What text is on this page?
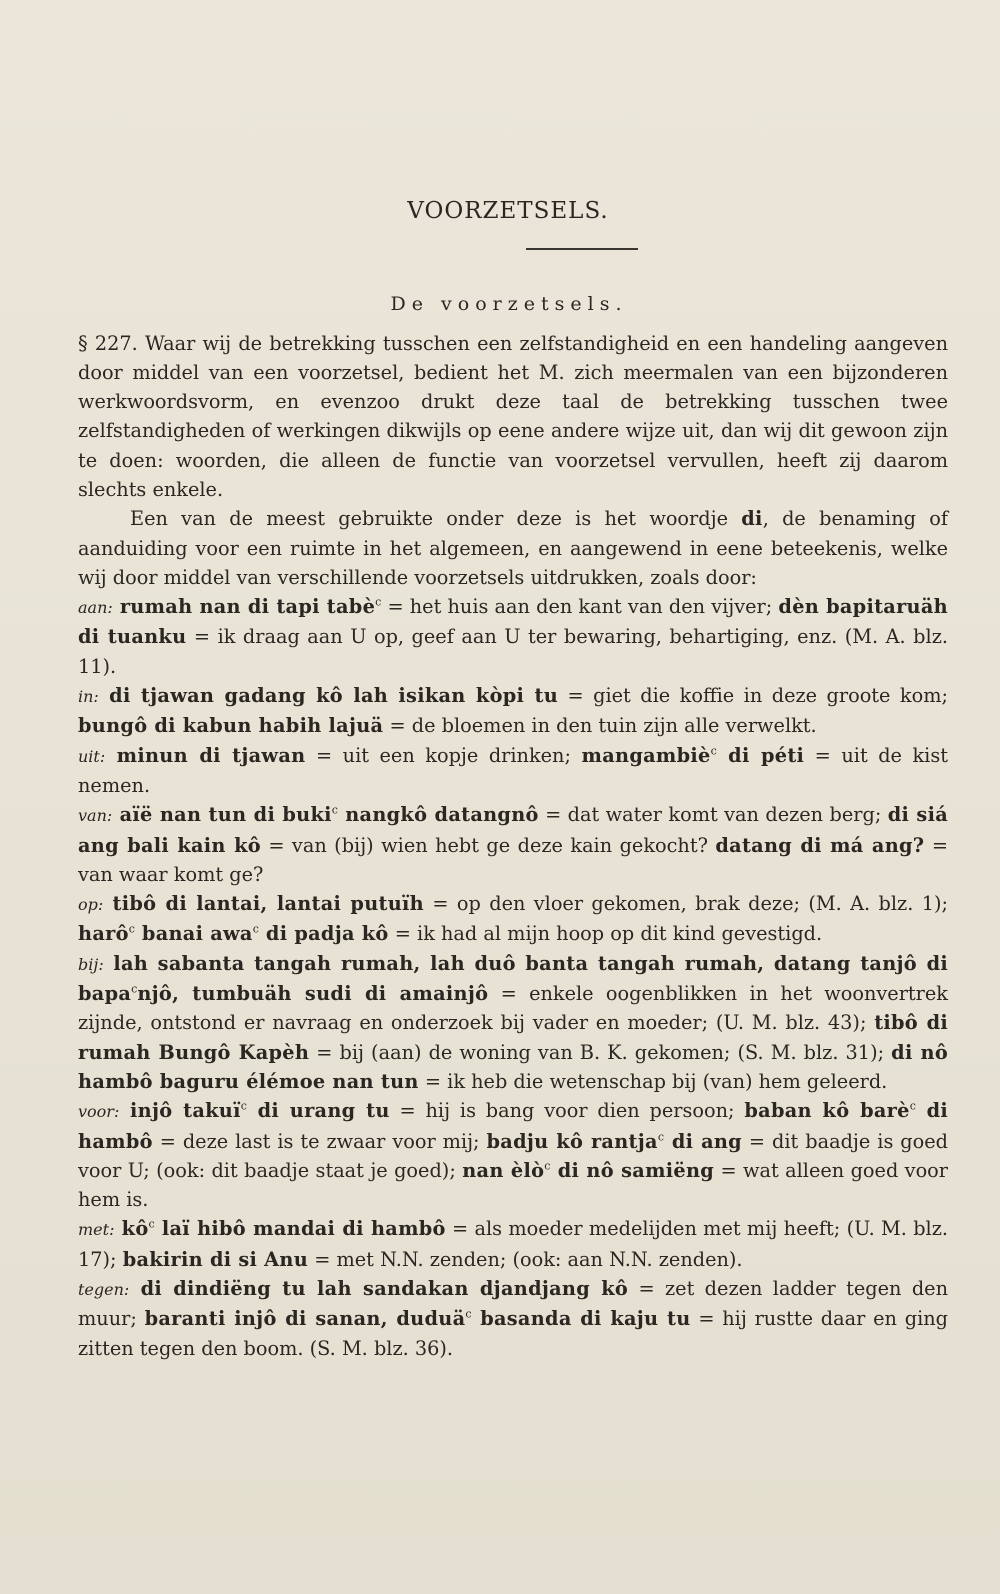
VOORZETSELS.
De voorzetsels.

§ 227. Waar wij de betrekking tusschen een zelfstandigheid en een handeling aangeven door middel van een voorzetsel, bedient het M. zich meermalen van een bijzonderen werkwoordsvorm, en evenzoo drukt deze taal de betrekking tusschen twee zelfstandigheden of werkingen dikwijls op eene andere wijze uit, dan wij dit gewoon zijn te doen: woorden, die alleen de functie van voorzetsel vervullen, heeft zij daarom slechts enkele.

Een van de meest gebruikte onder deze is het woordje di, de benaming of aanduiding voor een ruimte in het algemeen, en aangewend in eene beteekenis, welke wij door middel van verschillende voorzetsels uitdrukken, zoals door:

aan: rumah nan di tapi tabè$^c$ = het huis aan den kant van den vijver; dèn bapitaruäh di tuanku = ik draag aan U op, geef aan U ter bewaring, behartiging, enz. (M. A. blz. 11).

in: di tjawan gadang kô lah isikan kòpi tu = giet die koffie in deze groote kom; bungô di kabun habih lajuä = de bloemen in den tuin zijn alle verwelkt.

uit: minun di tjawan = uit een kopje drinken; mangambiè$^c$ di péti = uit de kist nemen.

van: aïë nan tun di buki$^c$ nangkô datangnô = dat water komt van dezen berg; di siá ang bali kain kô = van (bij) wien hebt ge deze kain gekocht? datang di má ang? = van waar komt ge?

op: tibô di lantai, lantai putuïh = op den vloer gekomen, brak deze; (M. A. blz. 1); harô$^c$ banai awa$^c$ di padja kô = ik had al mijn hoop op dit kind gevestigd.

bij: lah sabanta tangah rumah, lah duô banta tangah rumah, datang tanjô di bapa$^c$njô, tumbuäh sudi di amainjô = enkele oogenblikken in het woonvertrek zijnde, ontstond er navraag en onderzoek bij vader en moeder; (U. M. blz. 43); tibô di rumah Bungô Kapèh = bij (aan) de woning van B. K. gekomen; (S. M. blz. 31); di nô hambô baguru élémoe nan tun = ik heb die wetenschap bij (van) hem geleerd.

voor: injô takuï$^c$ di urang tu = hij is bang voor dien persoon; baban kô barè$^c$ di hambô = deze last is te zwaar voor mij; badju kô rantja$^c$ di ang = dit baadje is goed voor U; (ook: dit baadje staat je goed); nan èlò$^c$ di nô samiëng = wat alleen goed voor hem is.

met: $kô^c$ laï hibô mandai di hambô = als moeder medelijden met mij heeft; (U. M. blz. 17); bakirin di si Anu = met N.N. zenden; (ook: aan N.N. zenden).

tegen: di dindiëng tu lah sandakan djandjang kô = zet dezen ladder tegen den muur; baranti injô di sanan, duduä$^c$ basanda di kaju tu = hij rustte daar en ging zitten tegen den boom. (S. M. blz. 36).
